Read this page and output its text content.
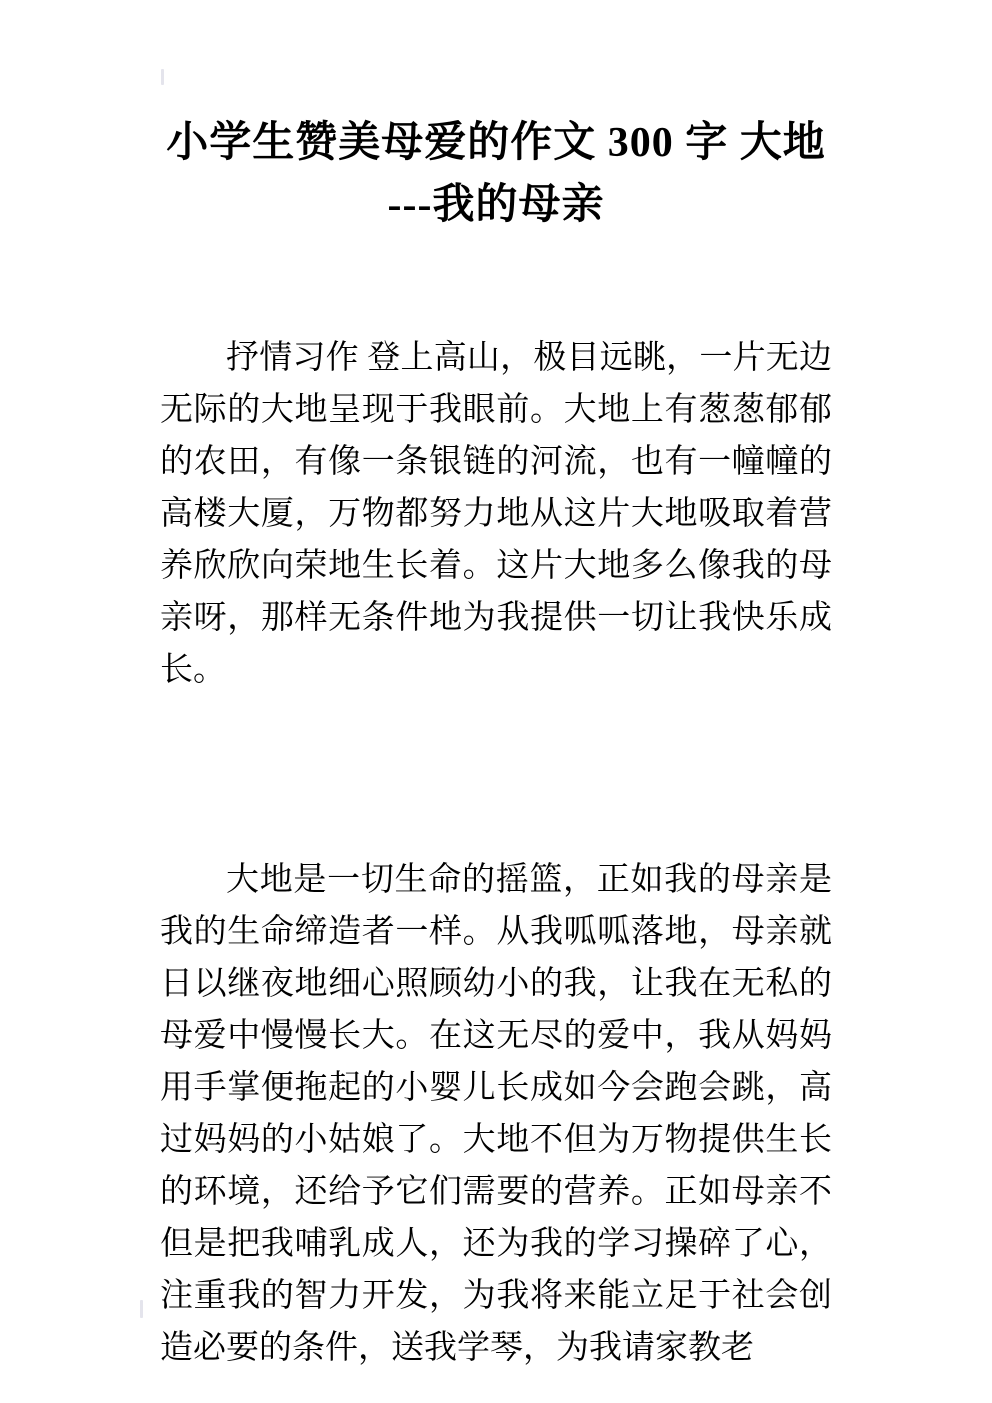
小学生赞美母爱的作文 300 字 大地
---我的母亲

抒情习作 登上高山，极目远眺，一片无边无际的大地呈现于我眼前。大地上有葱葱郁郁的农田，有像一条银链的河流，也有一幢幢的高楼大厦，万物都努力地从这片大地吸取着营养欣欣向荣地生长着。这片大地多么像我的母亲呀，那样无条件地为我提供一切让我快乐成长。

大地是一切生命的摇篮，正如我的母亲是我的生命缔造者一样。从我呱呱落地，母亲就日以继夜地细心照顾幼小的我，让我在无私的母爱中慢慢长大。在这无尽的爱中，我从妈妈用手掌便拖起的小婴儿长成如今会跑会跳，高过妈妈的小姑娘了。大地不但为万物提供生长的环境，还给予它们需要的营养。正如母亲不但是把我哺乳成人，还为我的学习操碎了心，注重我的智力开发，为我将来能立足于社会创造必要的条件，送我学琴，为我请家教老
